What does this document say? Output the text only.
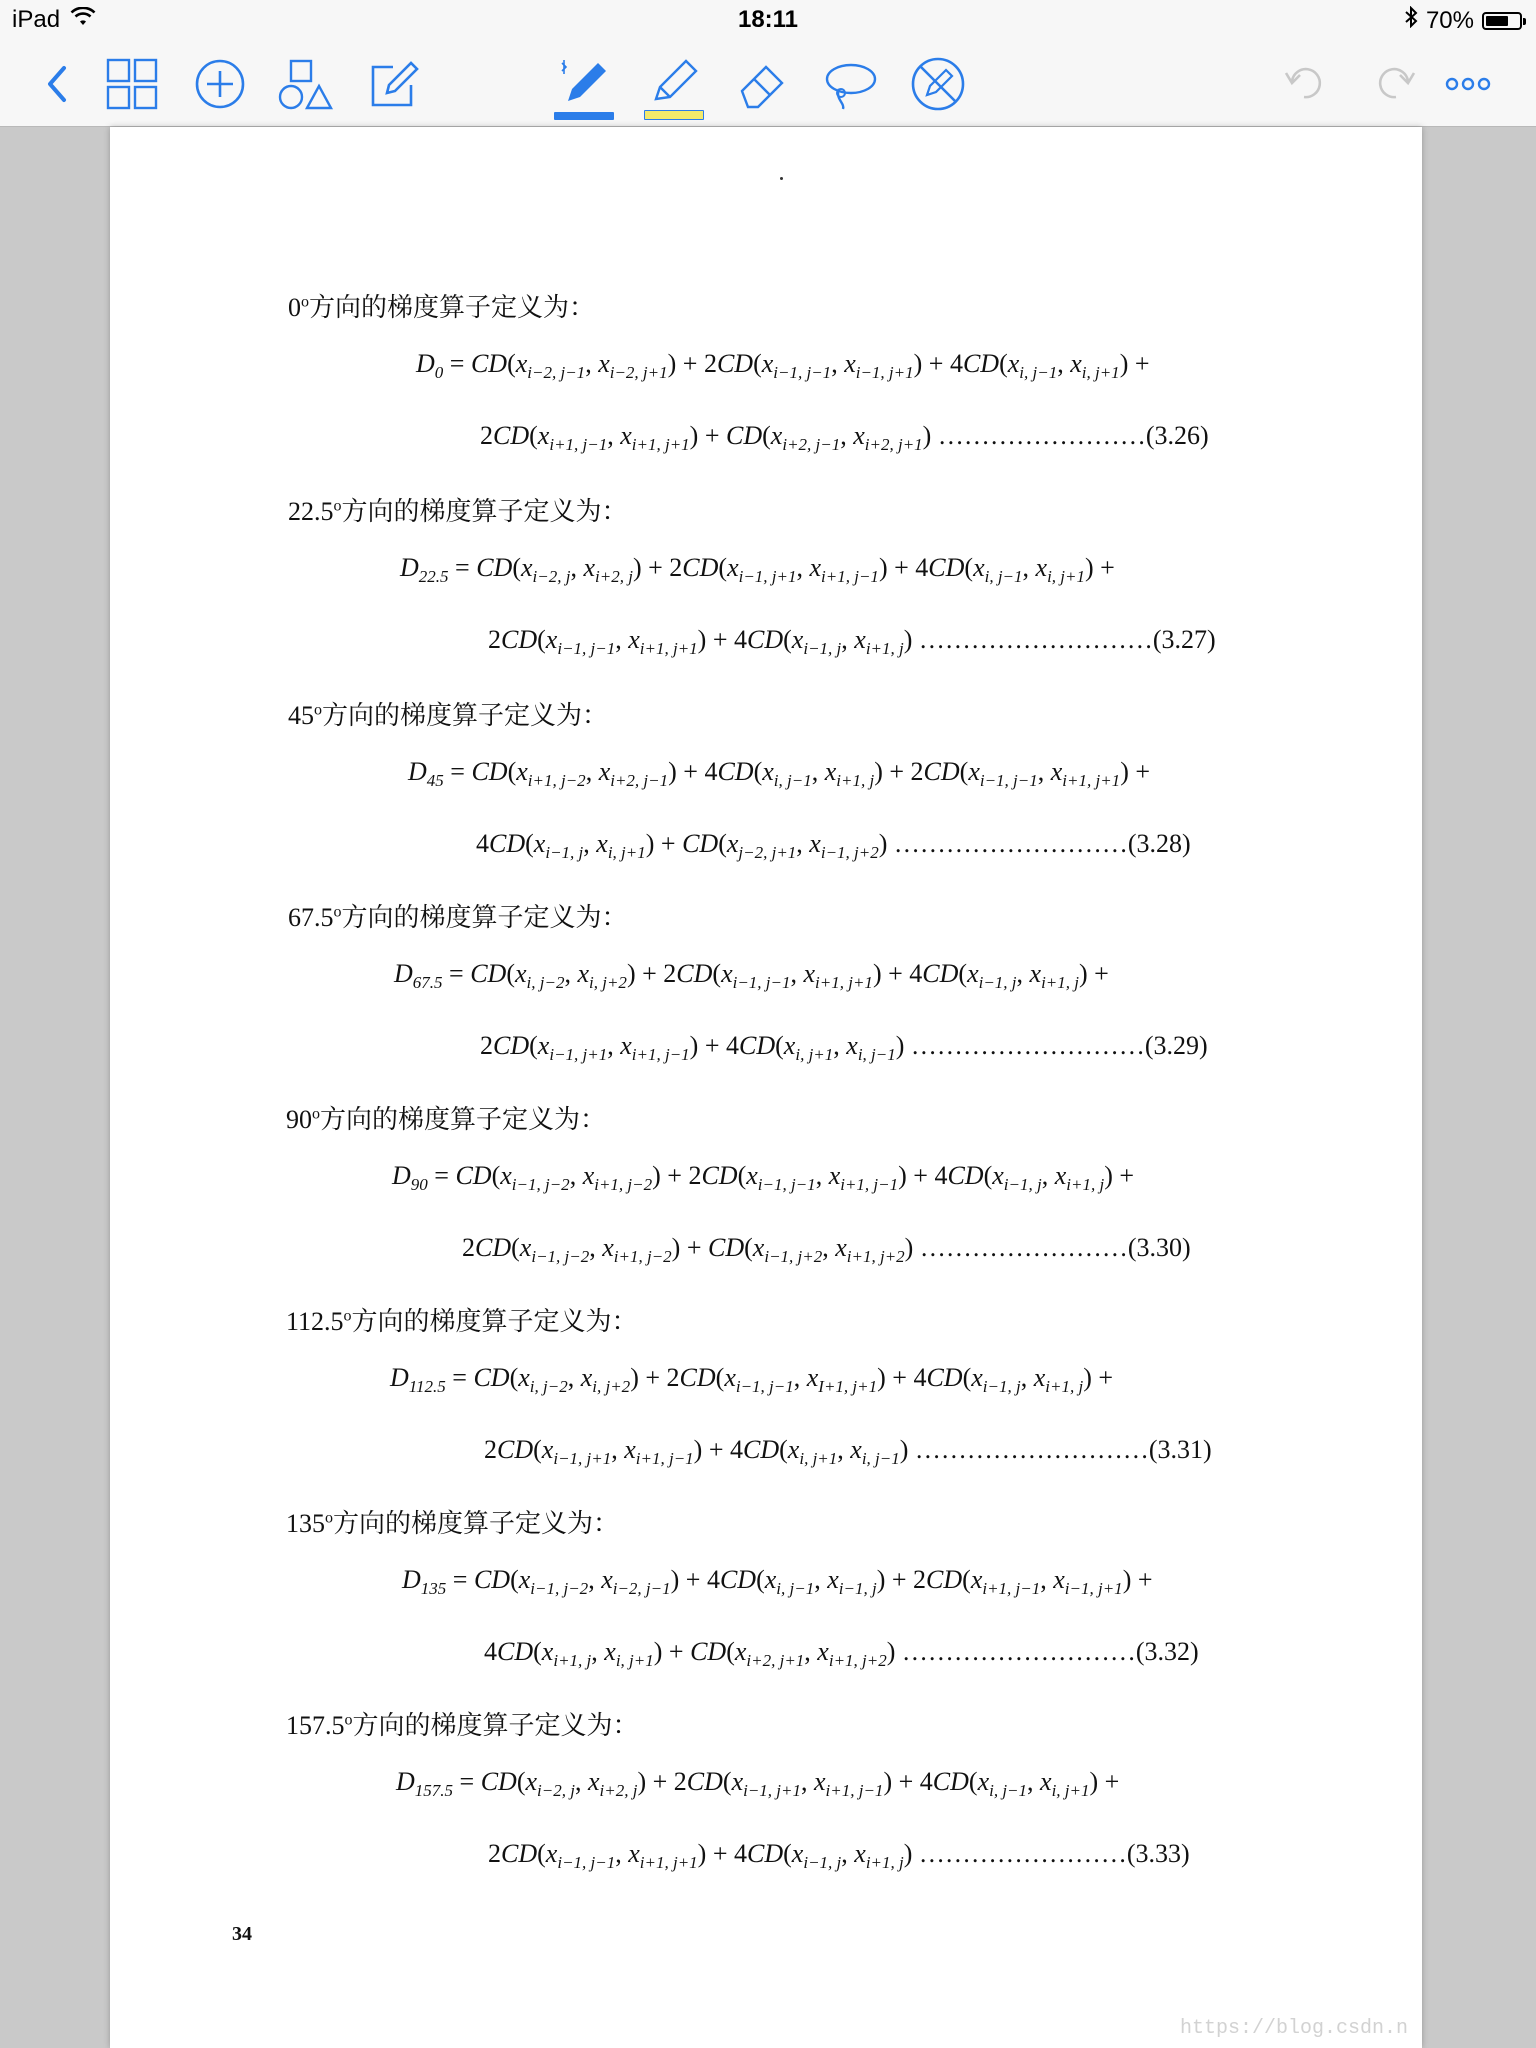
iPad	18:11	70%
0$^o$方向的梯度算子定义为：
$D_0 = CD(x_{i-2, j-1}$, $x_{i-2, j+1}) + 2CD(x_{i-1, j-1}$, $x_{i-1, j+1}) + 4CD(x_{i, j-1}$, $x_{i, j+1}$) +
$2CD(x_{i+1, j-1}$, $x_{i+1, j+1}) + CD(x_{i+2, j-1}$, $x_{i+2, j+1}$) ……………………(3.26)
22.5$^o$方向的梯度算子定义为：
$D_{22.5} = CD(x_{i-2, j}$, $x_{i+2, j}) + 2CD(x_{i-1, j+1}$, $x_{i+1, j-1}) + 4CD(x_{i, j-1}$, $x_{i, j+1}$) +
$2CD(x_{i-1, j-1}$, $x_{i+1, j+1}) + 4CD(x_{i-1, j}$, $x_{i+1, j}$) ………………………(3.27)
45$^o$方向的梯度算子定义为：
$D_{45} = CD(x_{i+1, j-2}$, $x_{i+2, j-1}) + 4CD(x_{i, j-1}$, $x_{i+1, j}) + 2CD(x_{i-1, j-1}$, $x_{i+1, j+1}$) +
$4CD(x_{i-1, j}$, $x_{i, j+1}) + CD(x_{j-2, j+1}$, $x_{i-1, j+2}$) ………………………(3.28)
67.5$^o$方向的梯度算子定义为：
$D_{67.5} = CD(x_{i, j-2}$, $x_{i, j+2}) + 2CD(x_{i-1, j-1}$, $x_{i+1, j+1}) + 4CD(x_{i-1, j}$, $x_{i+1, j}$) +
$2CD(x_{i-1, j+1}$, $x_{i+1, j-1}) + 4CD(x_{i, j+1}$, $x_{i, j-1}$) ………………………(3.29)
90$^o$方向的梯度算子定义为：
$D_{90} = CD(x_{i-1, j-2}$, $x_{i+1, j-2}) + 2CD(x_{i-1, j-1}$, $x_{i+1, j-1}) + 4CD(x_{i-1, j}$, $x_{i+1, j}$) +
$2CD(x_{i-1, j-2}$, $x_{i+1, j-2}) + CD(x_{i-1, j+2}$, $x_{i+1, j+2}$) ……………………(3.30)
112.5$^o$方向的梯度算子定义为：
$D_{112.5} = CD(x_{i, j-2}$, $x_{i, j+2}) + 2CD(x_{i-1, j-1}$, $x_{I+1, j+1}) + 4CD(x_{i-1, j}$, $x_{i+1, j}$) +
$2CD(x_{i-1, j+1}$, $x_{i+1, j-1}) + 4CD(x_{i, j+1}$, $x_{i, j-1}$) ………………………(3.31)
135$^o$方向的梯度算子定义为：
$D_{135} = CD(x_{i-1, j-2}$, $x_{i-2, j-1}) + 4CD(x_{i, j-1}$, $x_{i-1, j}) + 2CD(x_{i+1, j-1}$, $x_{i-1, j+1}$) +
$4CD(x_{i+1, j}$, $x_{i, j+1}) + CD(x_{i+2, j+1}$, $x_{i+1, j+2}$) ………………………(3.32)
157.5$^o$方向的梯度算子定义为：
$D_{157.5} = CD(x_{i-2, j}$, $x_{i+2, j}) + 2CD(x_{i-1, j+1}$, $x_{i+1, j-1}) + 4CD(x_{i, j-1}$, $x_{i, j+1}$) +
$2CD(x_{i-1, j-1}$, $x_{i+1, j+1}) + 4CD(x_{i-1, j}$, $x_{i+1, j}$) ……………………(3.33)
34
https://blog.csdn.n
